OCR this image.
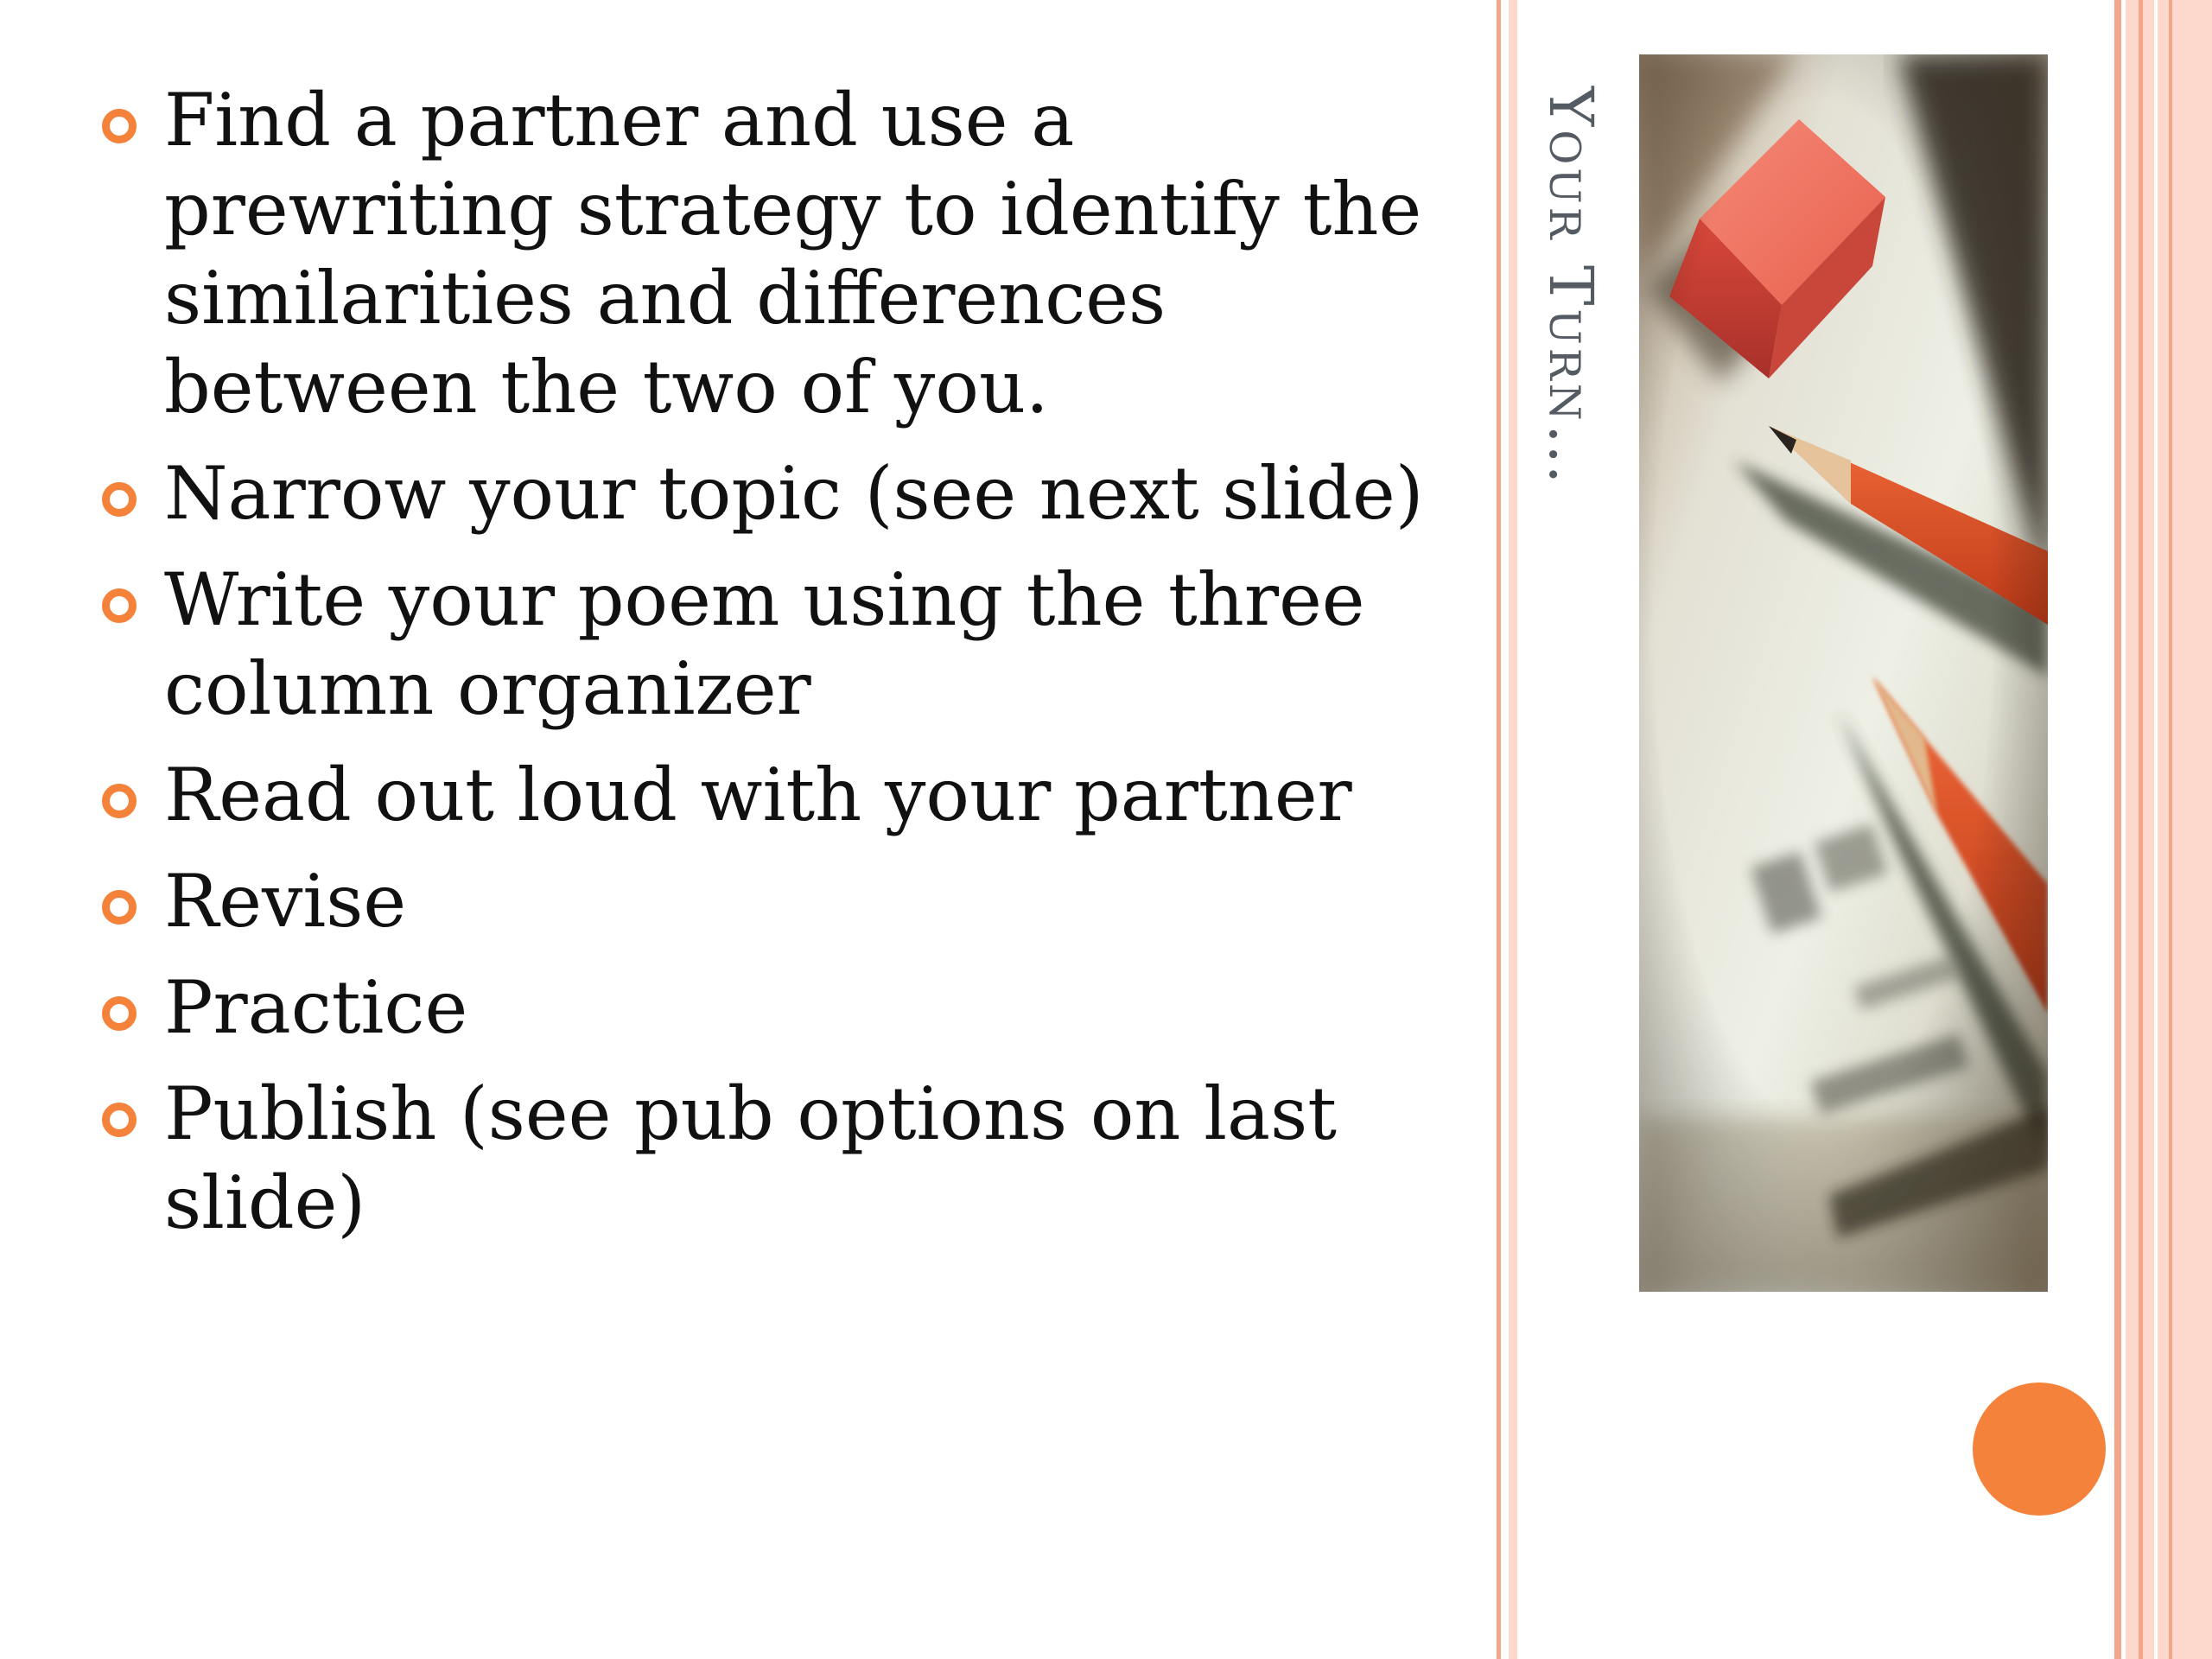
Find a partner and use a prewriting strategy to identify the similarities and differences between the two of you.
Narrow your topic (see next slide)
Write your poem using the three column organizer
Read out loud with your partner
Revise
Practice
Publish (see pub options on last slide)
Your Turn…
